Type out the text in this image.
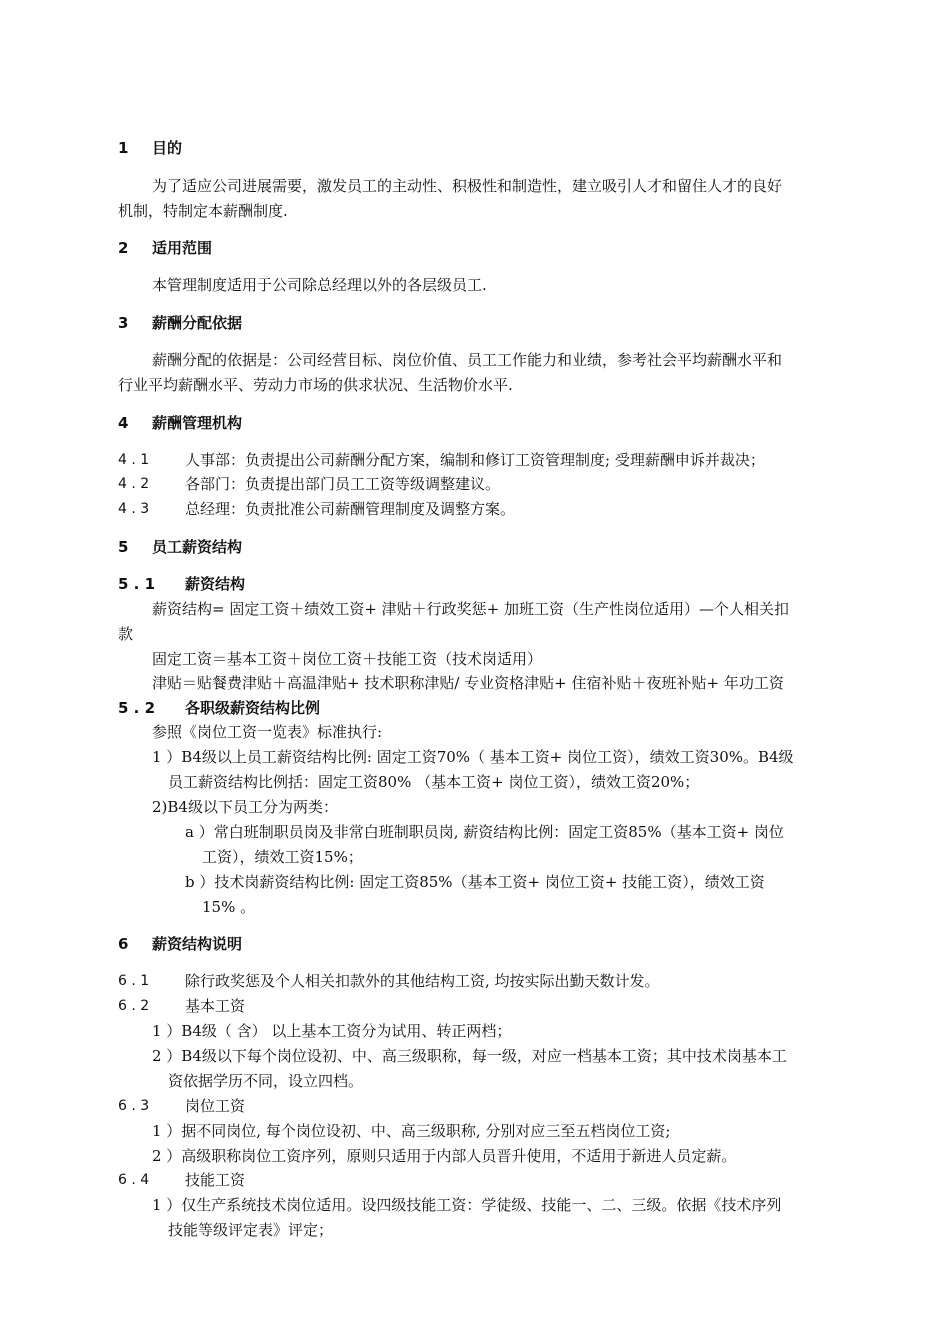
1 目的
为了适应公司进展需要，激发员工的主动性、积极性和制造性，建立吸引人才和留住人才的良好
机制，特制定本薪酬制度.
2 适用范围
本管理制度适用于公司除总经理以外的各层级员工.
3 薪酬分配依据
薪酬分配的依据是：公司经营目标、岗位价值、员工工作能力和业绩，参考社会平均薪酬水平和
行业平均薪酬水平、劳动力市场的供求状况、生活物价水平.
4 薪酬管理机构
4 . 1 人事部：负责提出公司薪酬分配方案，编制和修订工资管理制度; 受理薪酬申诉并裁决；
4 . 2 各部门：负责提出部门员工工资等级调整建议。
4 . 3 总经理：负责批准公司薪酬管理制度及调整方案。
5 员工薪资结构
5 . 1 薪资结构
薪资结构= 固定工资＋绩效工资+ 津贴＋行政奖惩+ 加班工资（生产性岗位适用）—个人相关扣
款
固定工资＝基本工资＋岗位工资＋技能工资（技术岗适用）
津贴＝贴餐费津贴＋高温津贴+ 技术职称津贴/ 专业资格津贴+ 住宿补贴＋夜班补贴+ 年功工资
5 . 2 各职级薪资结构比例
参照《岗位工资一览表》标准执行:
1 ）B4级以上员工薪资结构比例: 固定工资70%（ 基本工资+ 岗位工资），绩效工资30%。B4级
员工薪资结构比例括：固定工资80% （基本工资+ 岗位工资），绩效工资20%；
2)B4级以下员工分为两类：
a ）常白班制职员岗及非常白班制职员岗, 薪资结构比例：固定工资85%（基本工资+ 岗位
工资），绩效工资15%；
b ）技术岗薪资结构比例: 固定工资85%（基本工资+ 岗位工资+ 技能工资），绩效工资
15% 。
6 薪资结构说明
6 . 1 除行政奖惩及个人相关扣款外的其他结构工资, 均按实际出勤天数计发。
6 . 2 基本工资
1 ）B4级（ 含） 以上基本工资分为试用、转正两档；
2 ）B4级以下每个岗位设初、中、高三级职称，每一级，对应一档基本工资；其中技术岗基本工
资依据学历不同，设立四档。
6 . 3 岗位工资
1 ）据不同岗位, 每个岗位设初、中、高三级职称, 分别对应三至五档岗位工资;
2 ）高级职称岗位工资序列，原则只适用于内部人员晋升使用，不适用于新进人员定薪。
6 . 4 技能工资
1 ）仅生产系统技术岗位适用。设四级技能工资：学徒级、技能一、二、三级。依据《技术序列
技能等级评定表》评定；
